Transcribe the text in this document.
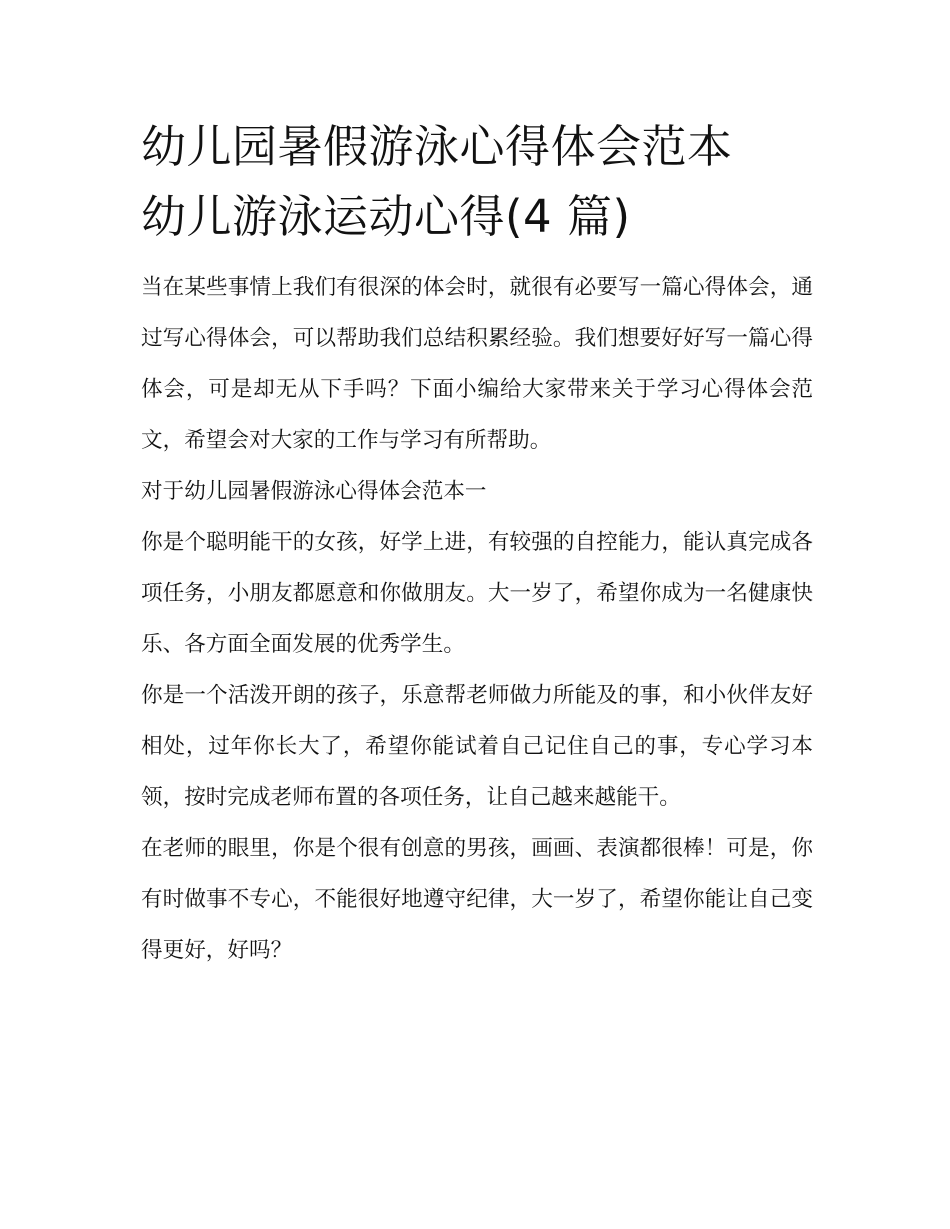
幼儿园暑假游泳心得体会范本
幼儿游泳运动心得(4 篇)

当在某些事情上我们有很深的体会时，就很有必要写一篇心得体会，通过写心得体会，可以帮助我们总结积累经验。我们想要好好写一篇心得体会，可是却无从下手吗？下面小编给大家带来关于学习心得体会范文，希望会对大家的工作与学习有所帮助。

对于幼儿园暑假游泳心得体会范本一

你是个聪明能干的女孩，好学上进，有较强的自控能力，能认真完成各项任务，小朋友都愿意和你做朋友。大一岁了，希望你成为一名健康快乐、各方面全面发展的优秀学生。

你是一个活泼开朗的孩子，乐意帮老师做力所能及的事，和小伙伴友好相处，过年你长大了，希望你能试着自己记住自己的事，专心学习本领，按时完成老师布置的各项任务，让自己越来越能干。

在老师的眼里，你是个很有创意的男孩，画画、表演都很棒！可是，你有时做事不专心，不能很好地遵守纪律，大一岁了，希望你能让自己变得更好，好吗？
